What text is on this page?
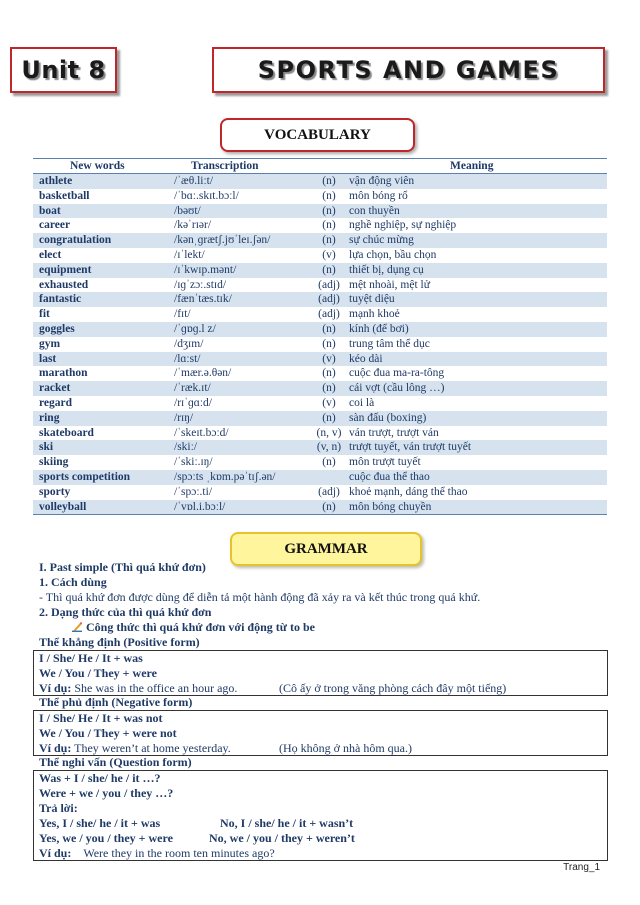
Unit 8	SPORTS AND GAMES
VOCABULARY
New words	Transcription	Meaning
athlete	/ˈæθ.liːt/	(n)	vận động viên
basketball	/ˈbɑː.skɪt.bɔːl/	(n)	môn bóng rổ
boat	/bəʊt/	(n)	con thuyền
career	/kəˈrɪər/	(n)	nghề nghiệp, sự nghiệp
congratulation	/kənˌɡrætʃ.jʊˈleɪ.ʃən/	(n)	sự chúc mừng
elect	/ɪˈlekt/	(v)	lựa chọn, bầu chọn
equipment	/ɪˈkwɪp.mənt/	(n)	thiết bị, dụng cụ
exhausted	/ɪɡˈzɔː.stɪd/	(adj) mệt nhoài, mệt lử
fantastic	/fænˈtæs.tɪk/	(adj) tuyệt diệu
fit	/fɪt/	(adj) mạnh khoẻ
goggles	/ˈɡɒɡ.l z/	(n)	kính (để bơi)
gym	/dʒɪm/	(n)	trung tâm thể dục
last	/lɑːst/	(v)	kéo dài
marathon	/ˈmær.ə.θən/	(n)	cuộc đua ma-ra-tông
racket	/ˈræk.ɪt/	(n)	cái vợt (cầu lông …)
regard	/rɪˈɡɑːd/	(v)	coi là
ring	/rɪŋ/	(n)	sàn đấu (boxing)
skateboard	/ˈskeɪt.bɔːd/	(n, v) ván trượt, trượt ván
ski	/skiː/	(v, n) trượt tuyết, ván trượt tuyết
skiing	/ˈskiː.ɪŋ/	(n)	môn trượt tuyết
sports competition	/spɔːts ˌkɒm.pəˈtɪʃ.ən/	cuộc đua thể thao
sporty	/ˈspɔː.ti/	(adj) khoẻ mạnh, dáng thể thao
volleyball	/ˈvɒl.i.bɔːl/	(n)	môn bóng chuyền
GRAMMAR
I. Past simple (Thì quá khứ đơn)
1. Cách dùng
- Thì quá khứ đơn được dùng để diễn tả một hành động đã xảy ra và kết thúc trong quá khứ.
2. Dạng thức của thì quá khứ đơn
Công thức thì quá khứ đơn với động từ to be
Thể khẳng định (Positive form)
I / She/ He / It + was
We / You / They + were
Ví dụ: She was in the office an hour ago.	(Cô ấy ở trong văng phòng cách đây một tiếng)
Thể phủ định (Negative form)
I / She/ He / It + was not
We / You / They + were not
Ví dụ: They weren’t at home yesterday.	(Họ không ở nhà hôm qua.)
Thể nghi vấn (Question form)
Was + I / she/ he / it …?
Were + we / you / they …?
Trả lời:
Yes, I / she/ he / it + was	No, I / she/ he / it + wasn’t
Yes, we / you / they + were	No, we / you / they + weren’t
Ví dụ: Were they in the room ten minutes ago?
Trang_1
